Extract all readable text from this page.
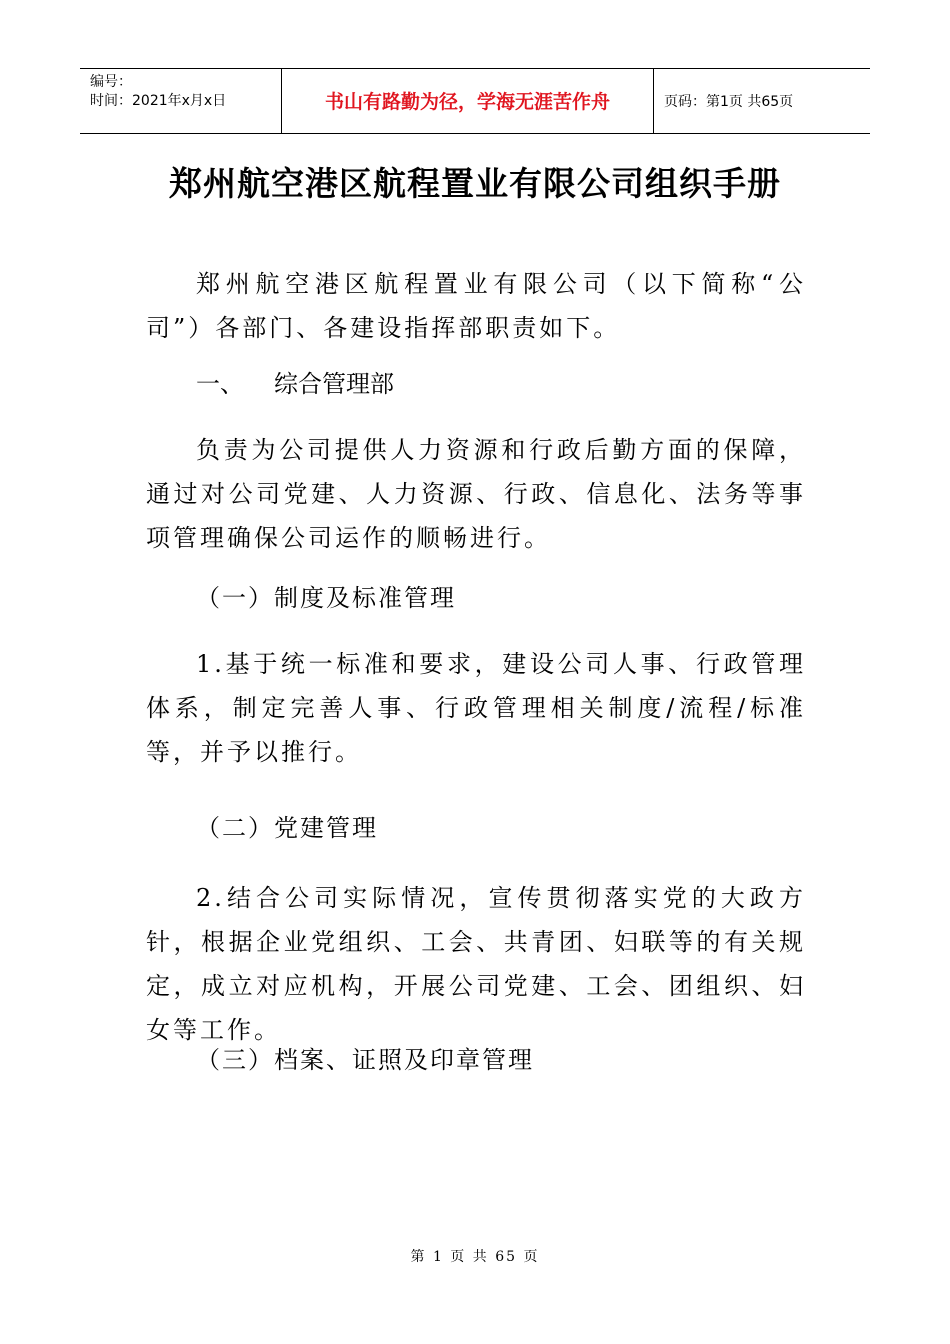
编号：
时间：2021年x月x日	书山有路勤为径，学海无涯苦作舟	页码：第1页 共65页
郑州航空港区航程置业有限公司组织手册
郑州航空港区航程置业有限公司（以下简称“公司”）各部门、各建设指挥部职责如下。
一、 综合管理部
负责为公司提供人力资源和行政后勤方面的保障，通过对公司党建、人力资源、行政、信息化、法务等事项管理确保公司运作的顺畅进行。
（一）制度及标准管理
1.基于统一标准和要求，建设公司人事、行政管理体系，制定完善人事、行政管理相关制度/流程/标准等，并予以推行。
（二）党建管理
2.结合公司实际情况，宣传贯彻落实党的大政方针，根据企业党组织、工会、共青团、妇联等的有关规定，成立对应机构，开展公司党建、工会、团组织、妇女等工作。
（三）档案、证照及印章管理
第 1 页 共 65 页
